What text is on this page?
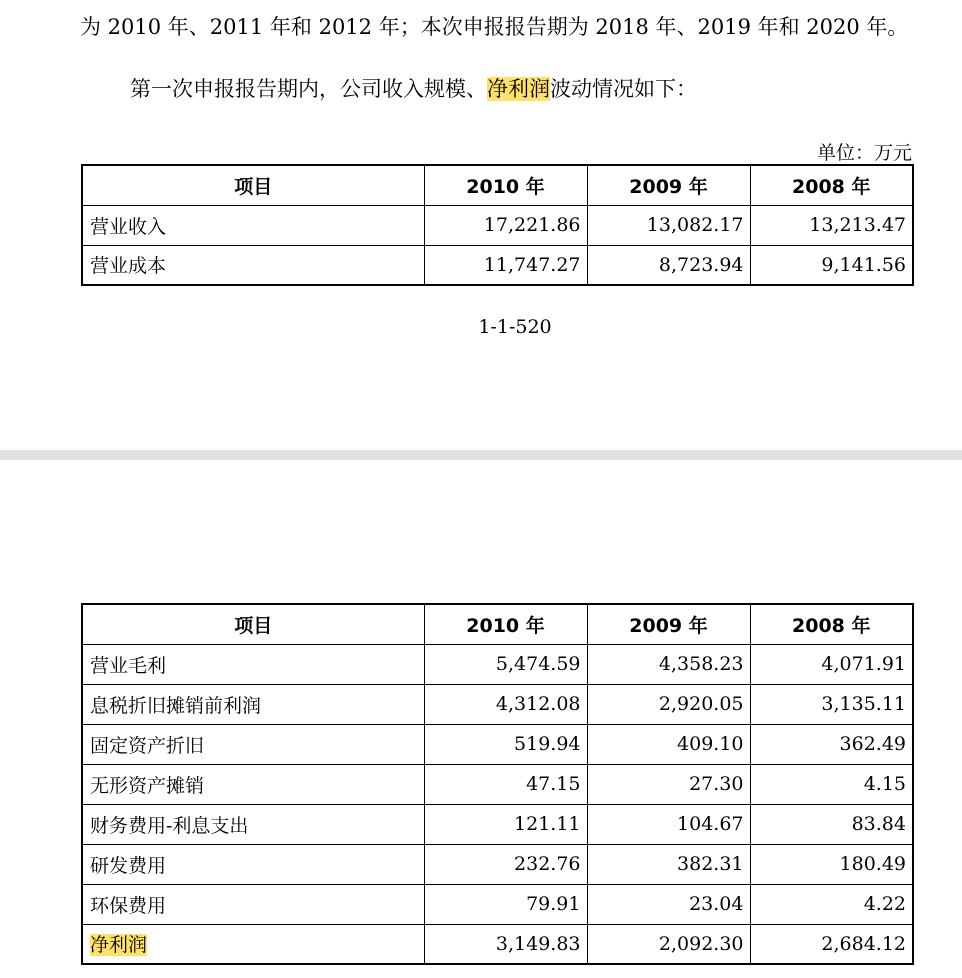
为 2010 年、2011 年和 2012 年；本次申报报告期为 2018 年、2019 年和 2020 年。
第一次申报报告期内，公司收入规模、净利润波动情况如下：
单位：万元
项目	2010 年	2009 年	2008 年
营业收入	17,221.86	13,082.17	13,213.47
营业成本	11,747.27	8,723.94	9,141.56
1-1-520
项目	2010 年	2009 年	2008 年
营业毛利	5,474.59	4,358.23	4,071.91
息税折旧摊销前利润	4,312.08	2,920.05	3,135.11
固定资产折旧	519.94	409.10	362.49
无形资产摊销	47.15	27.30	4.15
财务费用-利息支出	121.11	104.67	83.84
研发费用	232.76	382.31	180.49
环保费用	79.91	23.04	4.22
净利润	3,149.83	2,092.30	2,684.12
